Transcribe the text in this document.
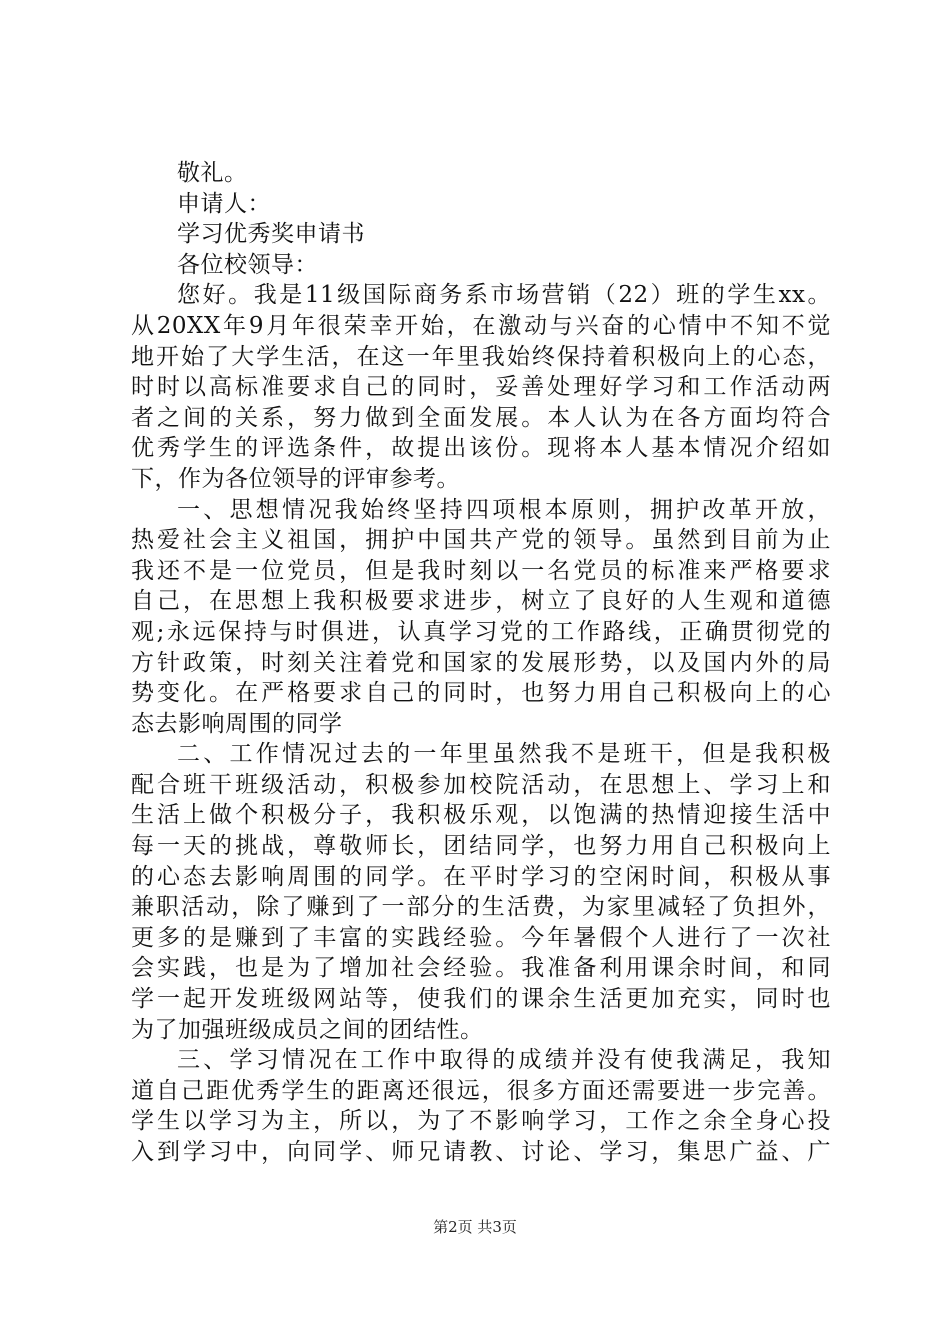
敬礼。
申请人：
学习优秀奖申请书
各位校领导：
您好。我是11级国际商务系市场营销（22）班的学生xx。
从20XX年9月年很荣幸开始，在激动与兴奋的心情中不知不觉
地开始了大学生活，在这一年里我始终保持着积极向上的心态，
时时以高标准要求自己的同时，妥善处理好学习和工作活动两
者之间的关系，努力做到全面发展。本人认为在各方面均符合
优秀学生的评选条件，故提出该份。现将本人基本情况介绍如
下，作为各位领导的评审参考。
一、思想情况我始终坚持四项根本原则，拥护改革开放，
热爱社会主义祖国，拥护中国共产党的领导。虽然到目前为止
我还不是一位党员，但是我时刻以一名党员的标准来严格要求
自己，在思想上我积极要求进步，树立了良好的人生观和道德
观;永远保持与时俱进，认真学习党的工作路线，正确贯彻党的
方针政策，时刻关注着党和国家的发展形势，以及国内外的局
势变化。在严格要求自己的同时，也努力用自己积极向上的心
态去影响周围的同学
二、工作情况过去的一年里虽然我不是班干，但是我积极
配合班干班级活动，积极参加校院活动，在思想上、学习上和
生活上做个积极分子，我积极乐观，以饱满的热情迎接生活中
每一天的挑战，尊敬师长，团结同学，也努力用自己积极向上
的心态去影响周围的同学。在平时学习的空闲时间，积极从事
兼职活动，除了赚到了一部分的生活费，为家里减轻了负担外，
更多的是赚到了丰富的实践经验。今年暑假个人进行了一次社
会实践，也是为了增加社会经验。我准备利用课余时间，和同
学一起开发班级网站等，使我们的课余生活更加充实，同时也
为了加强班级成员之间的团结性。
三、学习情况在工作中取得的成绩并没有使我满足，我知
道自己距优秀学生的距离还很远，很多方面还需要进一步完善。
学生以学习为主，所以，为了不影响学习，工作之余全身心投
入到学习中，向同学、师兄请教、讨论、学习，集思广益、广
第2页 共3页
